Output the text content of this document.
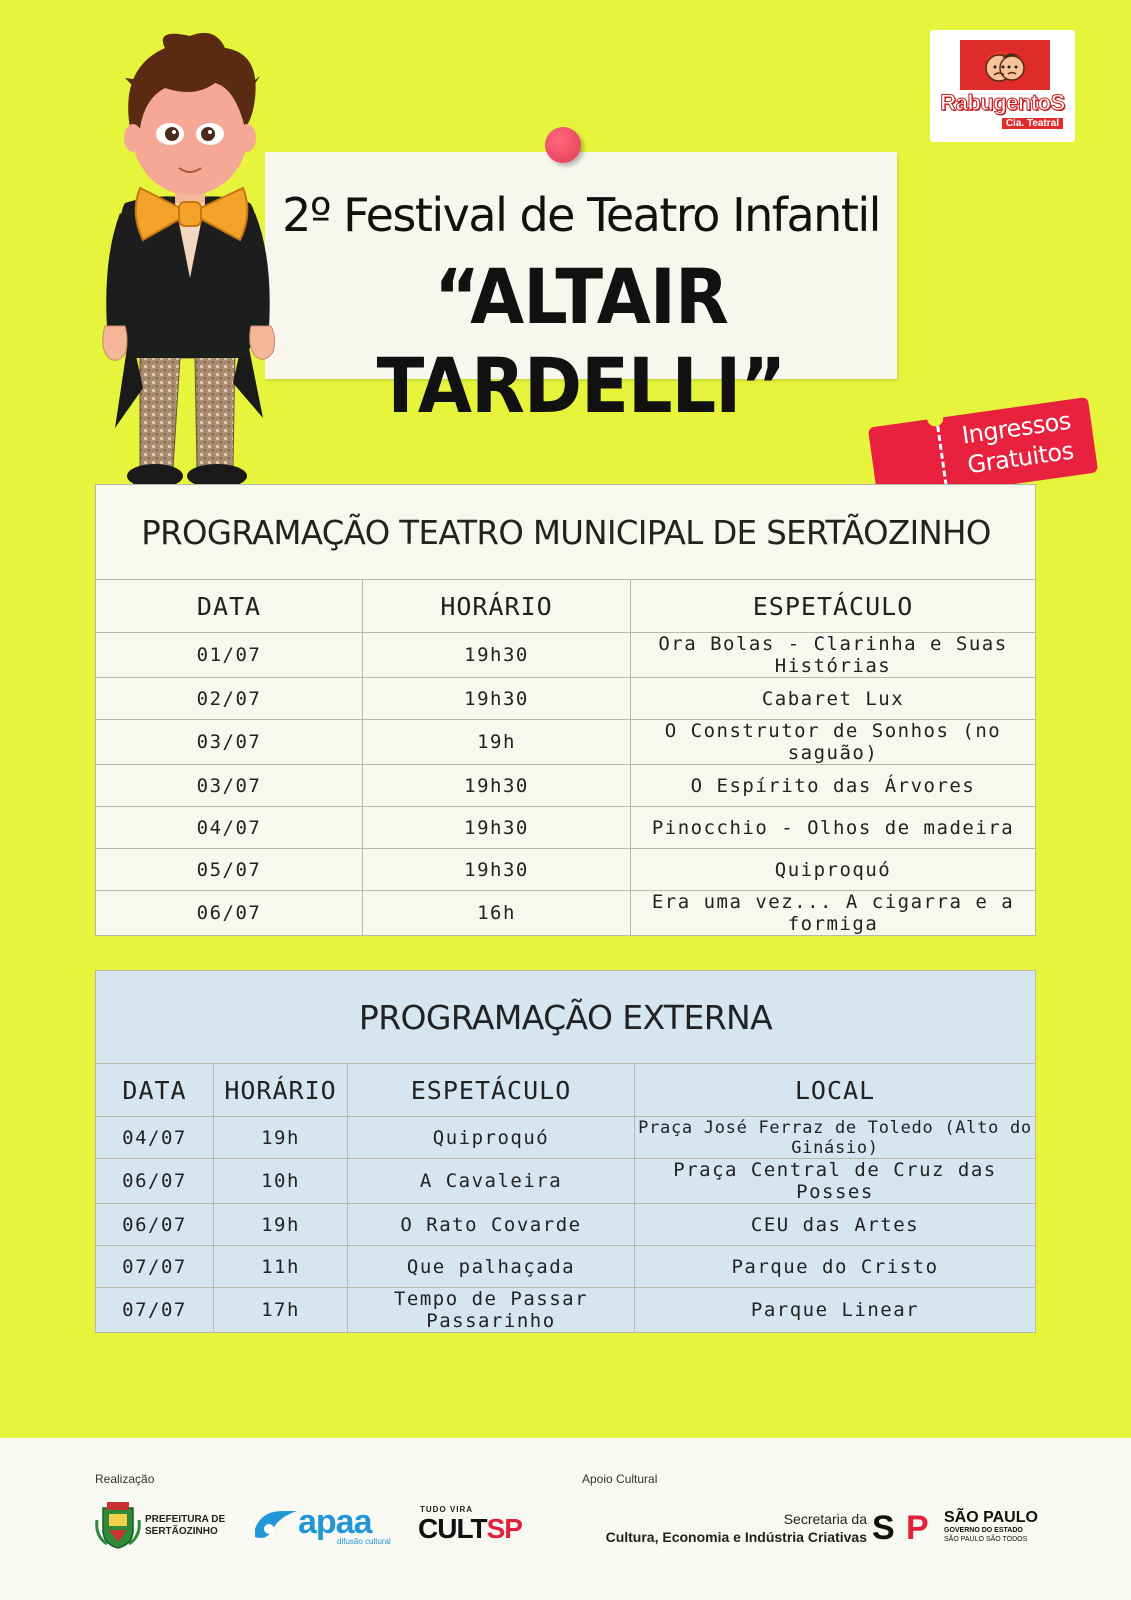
RabugentoS
Cia. Teatral
2º Festival de Teatro Infantil
“ALTAIR TARDELLI”	Ingressos
Gratuitos
PROGRAMAÇÃO TEATRO MUNICIPAL DE SERTÃOZINHO		
DATA	HORÁRIO	ESPETÁCULO
01/07	19h30	Ora Bolas - Clarinha e Suas Histórias
02/07	19h30	Cabaret Lux
03/07	19h	O Construtor de Sonhos (no saguão)
03/07	19h30	O Espírito das Árvores
04/07	19h30	Pinocchio - Olhos de madeira
05/07	19h30	Quiproquó
06/07	16h	Era uma vez... A cigarra e a formiga
PROGRAMAÇÃO EXTERNA			
DATA	HORÁRIO	ESPETÁCULO	LOCAL
04/07	19h	Quiproquó	Praça José Ferraz de Toledo (Alto do Ginásio)
06/07	10h	A Cavaleira	Praça Central de Cruz das Posses
06/07	19h	O Rato Covarde	CEU das Artes
07/07	11h	Que palhaçada	Parque do Cristo
07/07	17h	Tempo de Passar Passarinho	Parque Linear
Realização	Apoio Cultural
PREFEITURA DE
SERTÃOZINHO apaa
difusão cultural
TUDO VIRA
CULTSP	Secretaria da
Cultura, Economia e Indústria Criativas S P SÃO PAULO
GOVERNO DO ESTADO
SÃO PAULO SÃO TODOS
